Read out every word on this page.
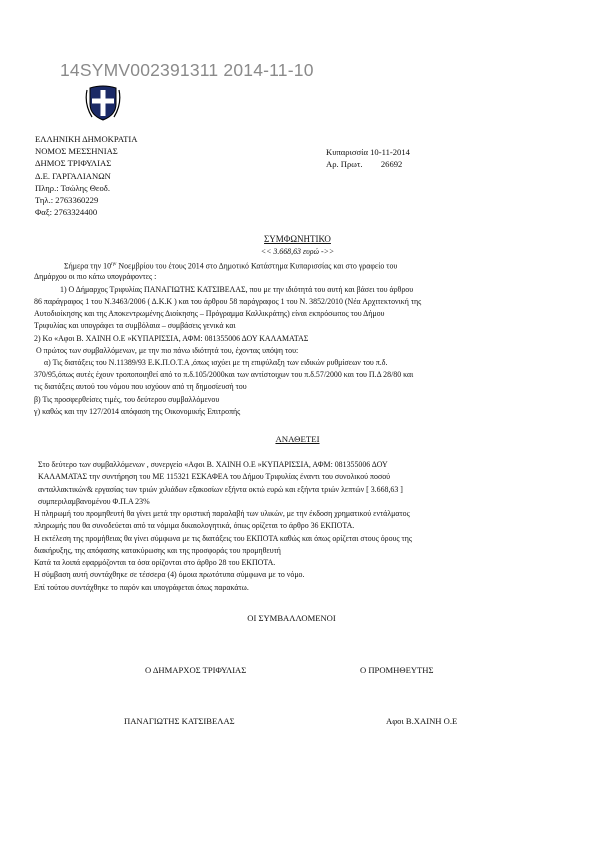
14SYMV002391311 2014-11-10
ΕΛΛΗΝΙΚΗ ΔΗΜΟΚΡΑΤΙΑ
ΝΟΜΟΣ ΜΕΣΣΗΝΙΑΣ
ΔΗΜΟΣ ΤΡΙΦΥΛΙΑΣ
Δ.Ε. ΓΑΡΓΑΛΙΑΝΩΝ
Πληρ.: Τσώλης Θεοδ.
Τηλ.: 2763360229
Φαξ: 2763324400
Κυπαρισσία 10-11-2014
Αρ. Πρωτ. 26692
ΣΥΜΦΩΝΗΤΙΚΟ
<< 3.668,63 ευρώ ->>
Σήμερα την $10^{\eta\nu}$ Νοεμβρίου του έτους 2014 στο Δημοτικό Κατάστημα Κυπαρισσίας και στο γραφείο του
Δημάρχου οι πιο κάτω υπογράφοντες :
1) Ο Δήμαρχος Τριφυλίας ΠΑΝΑΓΙΩΤΗΣ ΚΑΤΣΙΒΕΛΑΣ, που με την ιδιότητά του αυτή και βάσει του άρθρου
86 παράγραφος 1 του Ν.3463/2006 ( Δ.Κ.Κ ) και του άρθρου 58 παράγραφος 1 του Ν. 3852/2010 (Νέα Αρχιτεκτονική της
Αυτοδιοίκησης και της Αποκεντρωμένης Διοίκησης – Πρόγραμμα Καλλικράτης) είναι εκπρόσωπος του Δήμου
Τριφυλίας και υπογράφει τα συμβόλαια – συμβάσεις γενικά και
2) Ko «Αφοι Β. ΧΑΙΝΗ Ο.Ε »ΚΥΠΑΡΙΣΣΙΑ, ΑΦΜ: 081355006 ΔΟΥ ΚΑΛΑΜΑΤΑΣ
Ο πρώτος των συμβαλλόμενων, με την πιο πάνω ιδιότητά του, έχοντας υπόψη του:
α) Τις διατάξεις του Ν.11389/93 Ε.Κ.Π.Ο.Τ.Α ,όπως ισχύει με τη επιφύλαξη των ειδικών ρυθμίσεων του π.δ.
370/95,όπως αυτές έχουν τροποποιηθεί από το π.δ.105/2000και των αντίστοιχων του π.δ.57/2000 και του Π.Δ 28/80 και
τις διατάξεις αυτού του νόμου που ισχύουν από τη δημοσίευσή του
β) Τις προσφερθείσες τιμές, του δεύτερου συμβαλλόμενου
γ) καθώς και την 127/2014 απόφαση της Οικονομικής Επιτροπής
ΑΝΑΘΕΤΕΙ
Στο δεύτερο των συμβαλλόμενων , συνεργείο «Αφοι Β. ΧΑΙΝΗ Ο.Ε »ΚΥΠΑΡΙΣΣΙΑ, ΑΦΜ: 081355006 ΔΟΥ
ΚΑΛΑΜΑΤΑΣ την συντήρηση του ΜΕ 115321 ΕΣΚΑΦΕΑ του Δήμου Τριφυλίας έναντι του συνολικού ποσού
ανταλλακτικών& εργασίας των τριών χιλιάδων εξακοσίων εξήντα οκτώ ευρώ και εξήντα τριών λεπτών [ 3.668,63 ]
συμπεριλαμβανομένου Φ.Π.Α 23%
Η πληρωμή του προμηθευτή θα γίνει μετά την οριστική παραλαβή των υλικών, με την έκδοση χρηματικού εντάλματος
πληρωμής που θα συνοδεύεται από τα νόμιμα δικαιολογητικά, όπως ορίζεται το άρθρο 36 ΕΚΠΟΤΑ.
Η εκτέλεση της προμήθειας θα γίνει σύμφωνα με τις διατάξεις του ΕΚΠΟΤΑ καθώς και όπως ορίζεται στους όρους της
διακήρυξης, της απόφασης κατακύρωσης και της προσφοράς του προμηθευτή
Κατά τα λοιπά εφαρμόζονται τα όσα ορίζονται στο άρθρο 28 του ΕΚΠΟΤΑ.
Η σύμβαση αυτή συντάχθηκε σε τέσσερα (4) όμοια πρωτότυπα σύμφωνα με το νόμο.
Επί τούτου συντάχθηκε το παρόν και υπογράφεται όπως παρακάτω.
ΟΙ ΣΥΜΒΑΛΛΟΜΕΝΟΙ
Ο ΔΗΜΑΡΧΟΣ ΤΡΙΦΥΛΙΑΣ	Ο ΠΡΟΜΗΘΕΥΤΗΣ
ΠΑΝΑΓΙΩΤΗΣ ΚΑΤΣΙΒΕΛΑΣ	Αφοι Β.ΧΑΙΝΗ Ο.Ε
